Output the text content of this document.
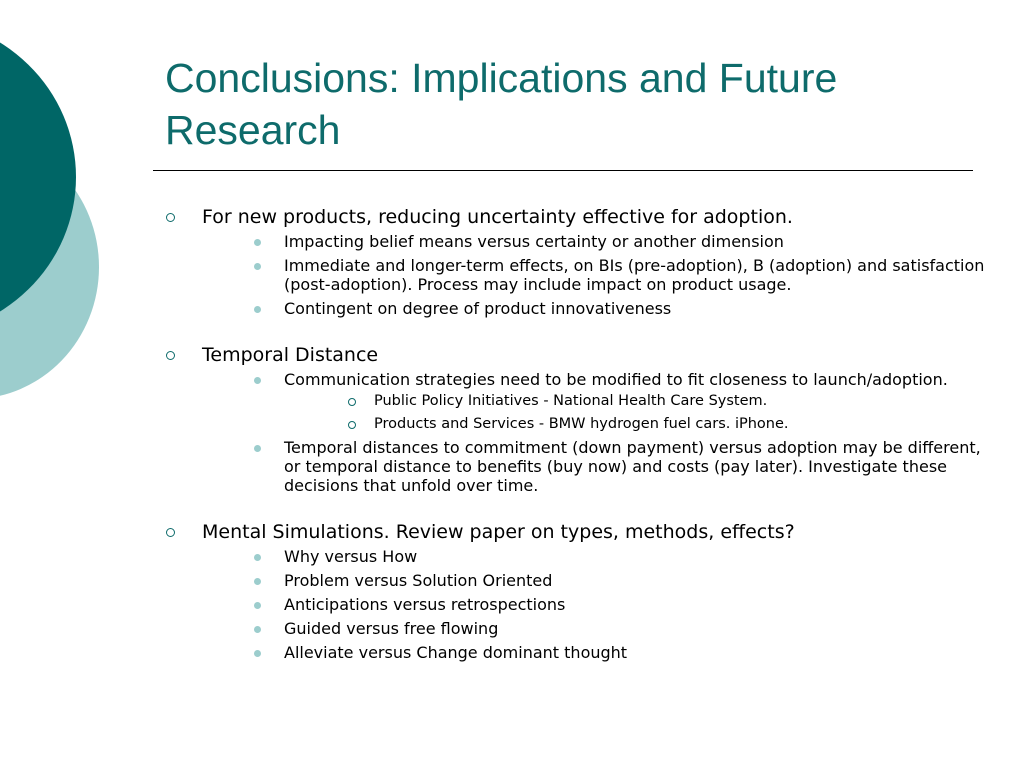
Conclusions: Implications and Future Research
For new products, reducing uncertainty effective for adoption.
Impacting belief means versus certainty or another dimension
Immediate and longer-term effects, on BIs (pre-adoption), B (adoption) and satisfaction (post-adoption). Process may include impact on product usage.
Contingent on degree of product innovativeness
Temporal Distance
Communication strategies need to be modified to fit closeness to launch/adoption.
Public Policy Initiatives - National Health Care System.
Products and Services - BMW hydrogen fuel cars. iPhone.
Temporal distances to commitment (down payment) versus adoption may be different, or temporal distance to benefits (buy now) and costs (pay later). Investigate these decisions that unfold over time.
Mental Simulations. Review paper on types, methods, effects?
Why versus How
Problem versus Solution Oriented
Anticipations versus retrospections
Guided versus free flowing
Alleviate versus Change dominant thought
